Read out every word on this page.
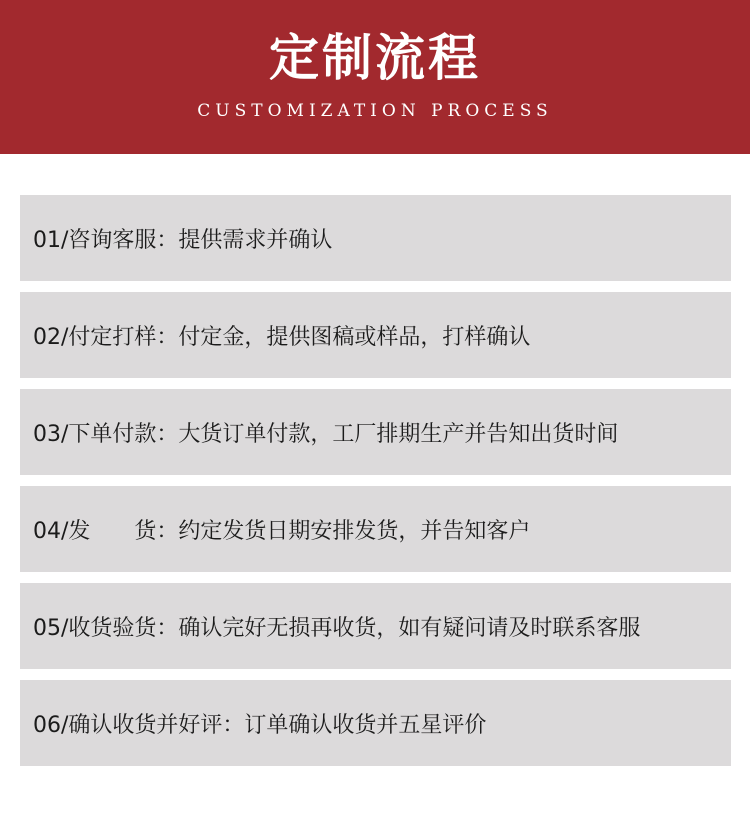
定制流程
CUSTOMIZATION PROCESS
01/咨询客服：提供需求并确认
02/付定打样：付定金，提供图稿或样品，打样确认
03/下单付款：大货订单付款，工厂排期生产并告知出货时间
04/发　　货：约定发货日期安排发货，并告知客户
05/收货验货：确认完好无损再收货，如有疑问请及时联系客服
06/确认收货并好评：订单确认收货并五星评价
